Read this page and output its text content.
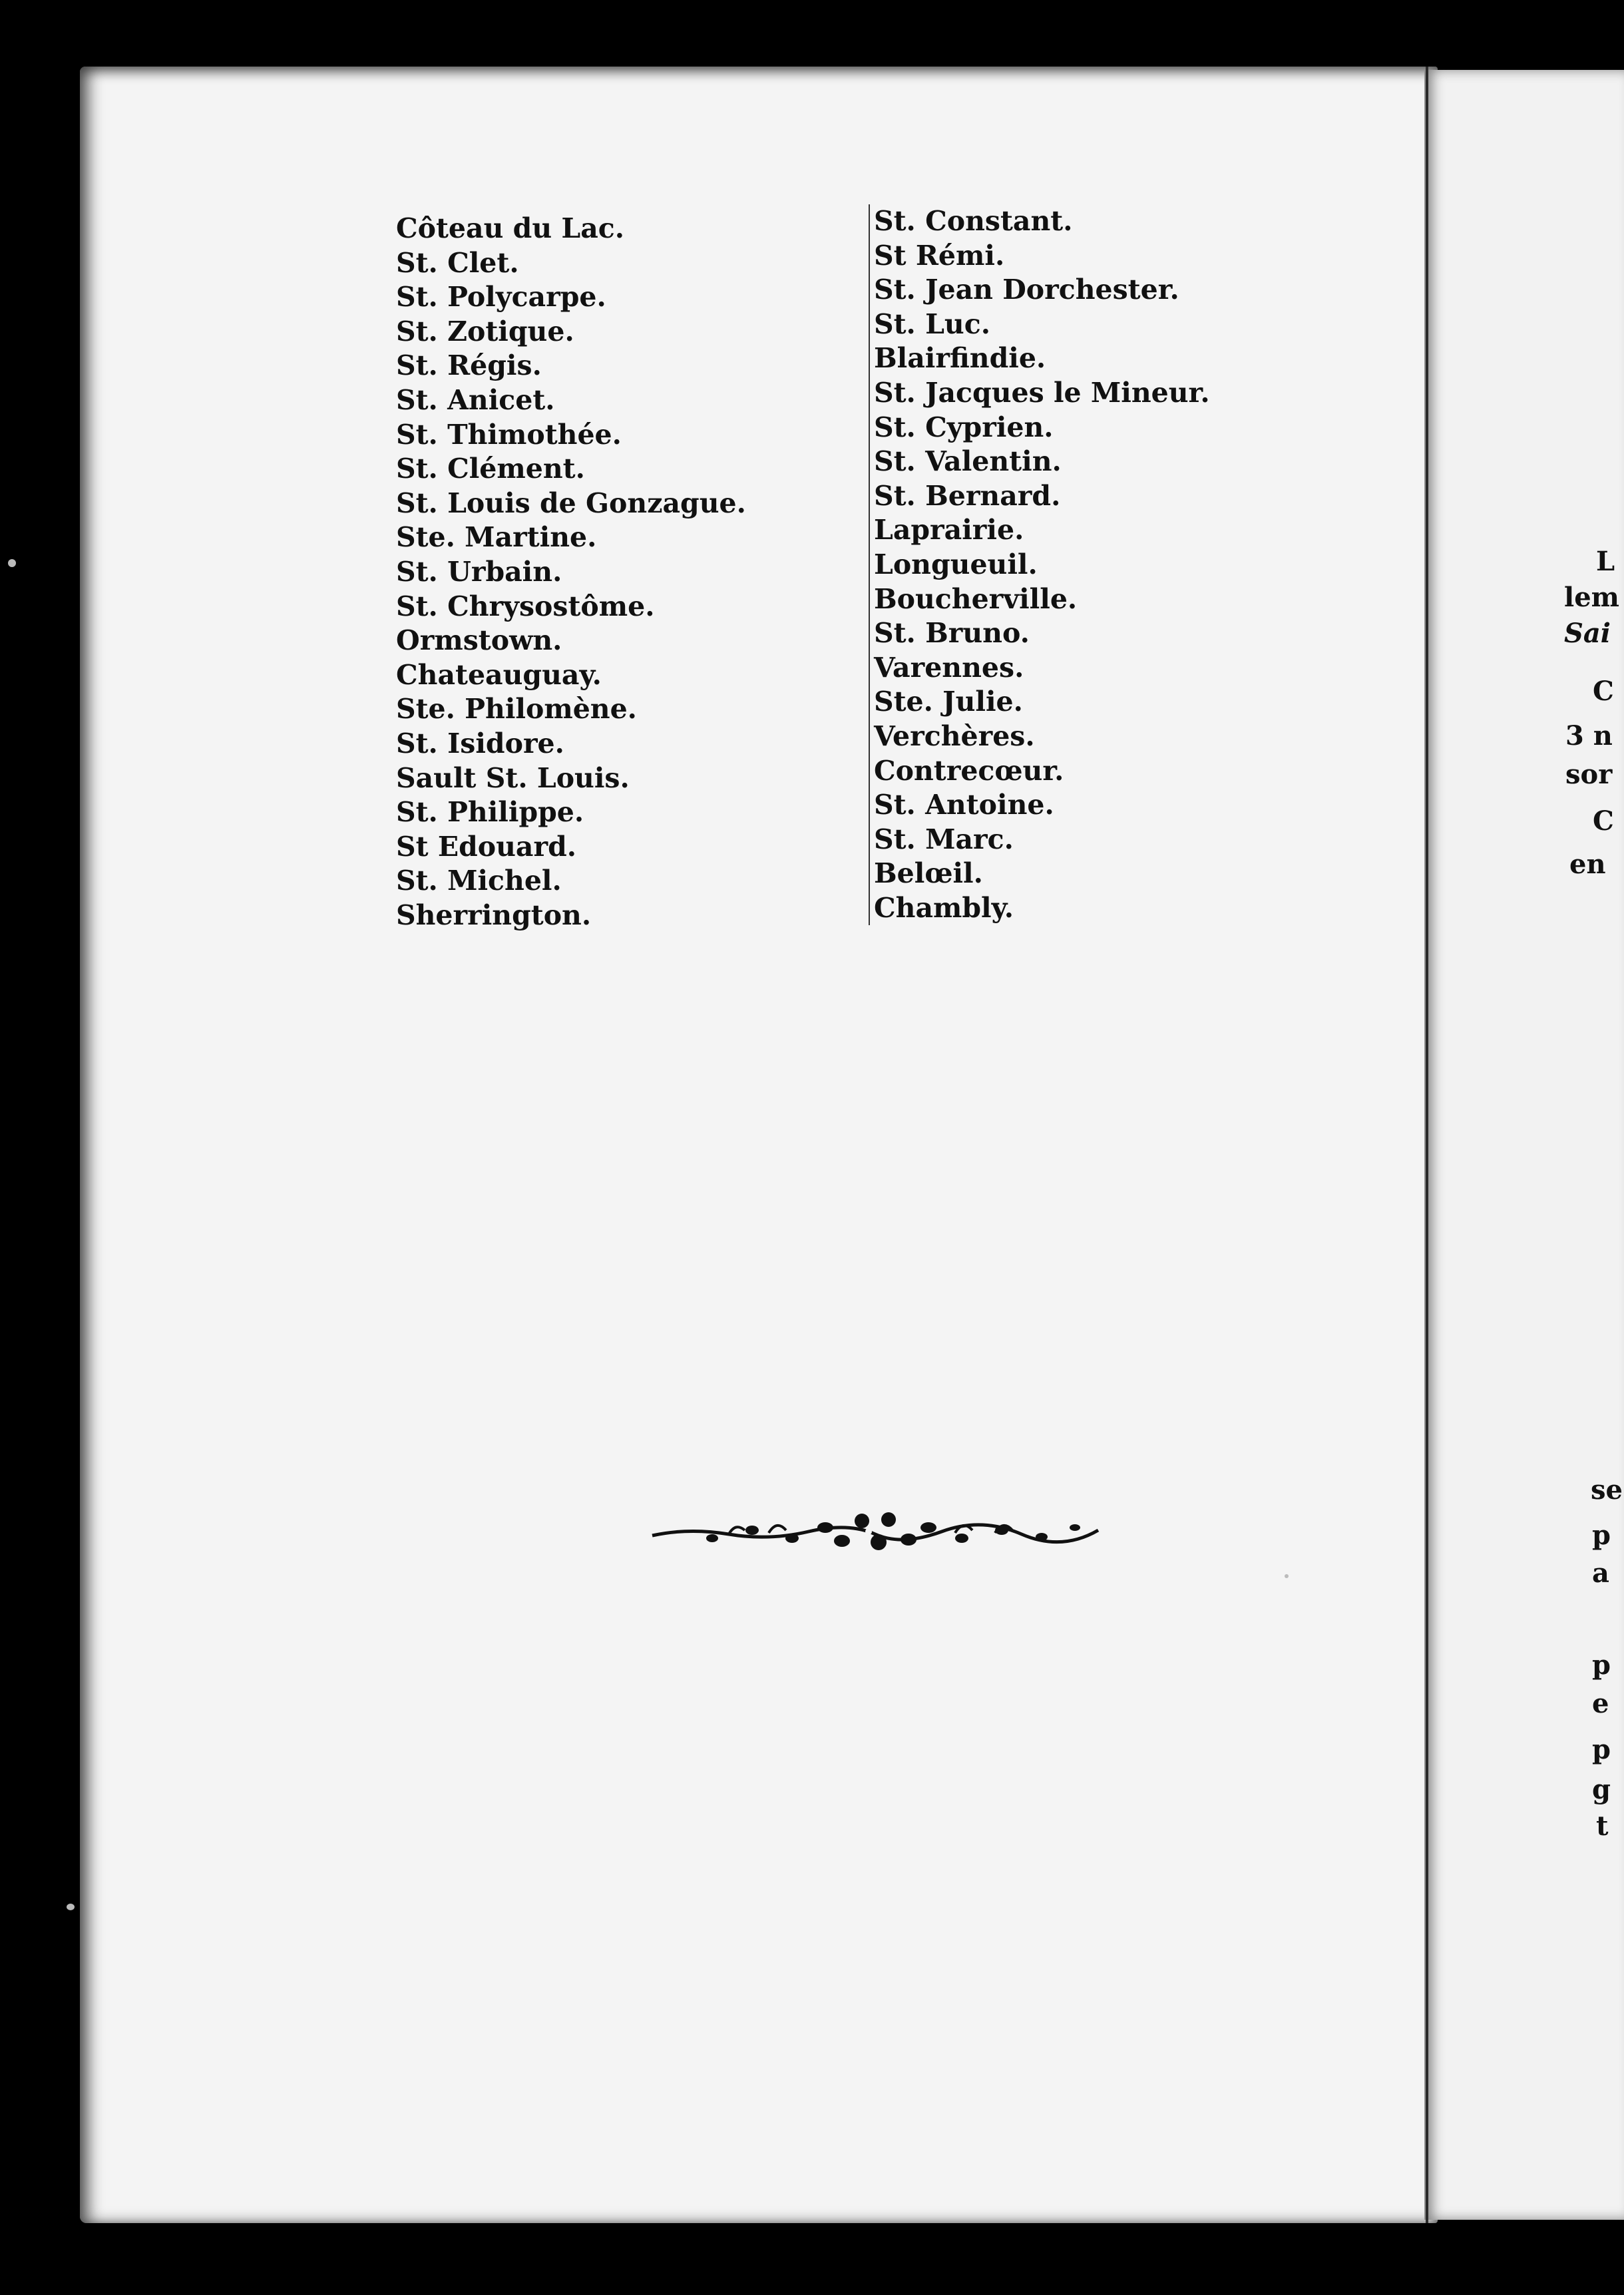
Côteau du Lac.
St. Clet.
St. Polycarpe.
St. Zotique.
St. Régis.
St. Anicet.
St. Thimothée.
St. Clément.
St. Louis de Gonzague.
Ste. Martine.
St. Urbain.
St. Chrysostôme.
Ormstown.
Chateauguay.
Ste. Philomène.
St. Isidore.
Sault St. Louis.
St. Philippe.
St Edouard.
St. Michel.
Sherrington.
St. Constant.
St Rémi.
St. Jean Dorchester.
St. Luc.
Blairfindie.
St. Jacques le Mineur.
St. Cyprien.
St. Valentin.
St. Bernard.
Laprairie.
Longueuil.
Boucherville.
St. Bruno.
Varennes.
Ste. Julie.
Verchères.
Contrecœur.
St. Antoine.
St. Marc.
Belœil.
Chambly.
L
lem
Sai
C
3 n
sor
C
en
se
p
a
p
e
p
g
t
